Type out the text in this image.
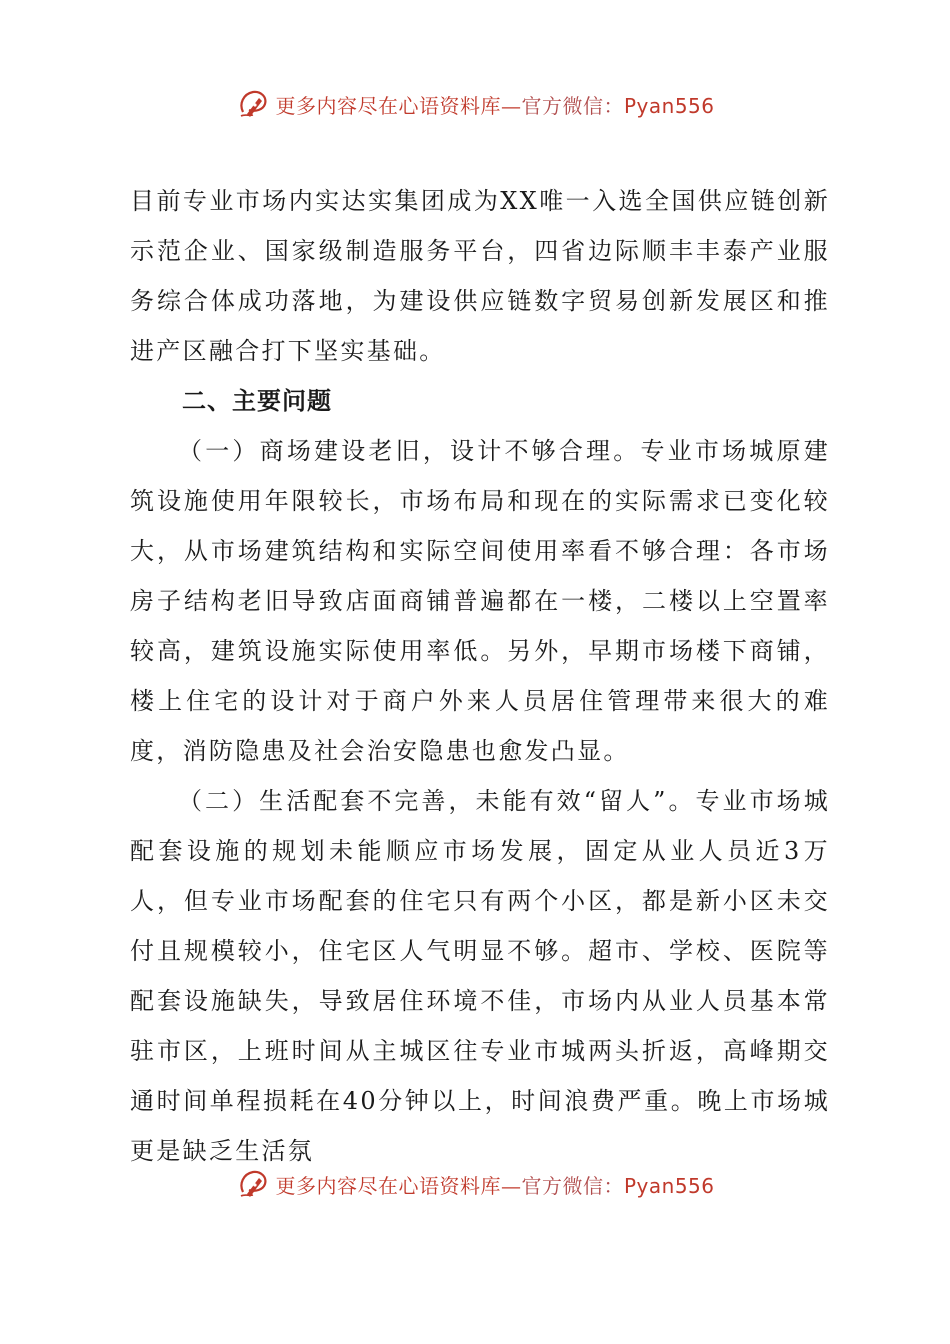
更多内容尽在心语资料库—官方微信：Pyan556

目前专业市场内实达实集团成为XX唯一入选全国供应链创新示范企业、国家级制造服务平台，四省边际顺丰丰泰产业服务综合体成功落地，为建设供应链数字贸易创新发展区和推进产区融合打下坚实基础。

二、主要问题

（一）商场建设老旧，设计不够合理。专业市场城原建筑设施使用年限较长，市场布局和现在的实际需求已变化较大，从市场建筑结构和实际空间使用率看不够合理：各市场房子结构老旧导致店面商铺普遍都在一楼，二楼以上空置率较高，建筑设施实际使用率低。另外，早期市场楼下商铺，楼上住宅的设计对于商户外来人员居住管理带来很大的难度，消防隐患及社会治安隐患也愈发凸显。

（二）生活配套不完善，未能有效“留人”。专业市场城配套设施的规划未能顺应市场发展，固定从业人员近3万人，但专业市场配套的住宅只有两个小区，都是新小区未交付且规模较小，住宅区人气明显不够。超市、学校、医院等配套设施缺失，导致居住环境不佳，市场内从业人员基本常驻市区，上班时间从主城区往专业市城两头折返，高峰期交通时间单程损耗在40分钟以上，时间浪费严重。晚上市场城更是缺乏生活氛

更多内容尽在心语资料库—官方微信：Pyan556
